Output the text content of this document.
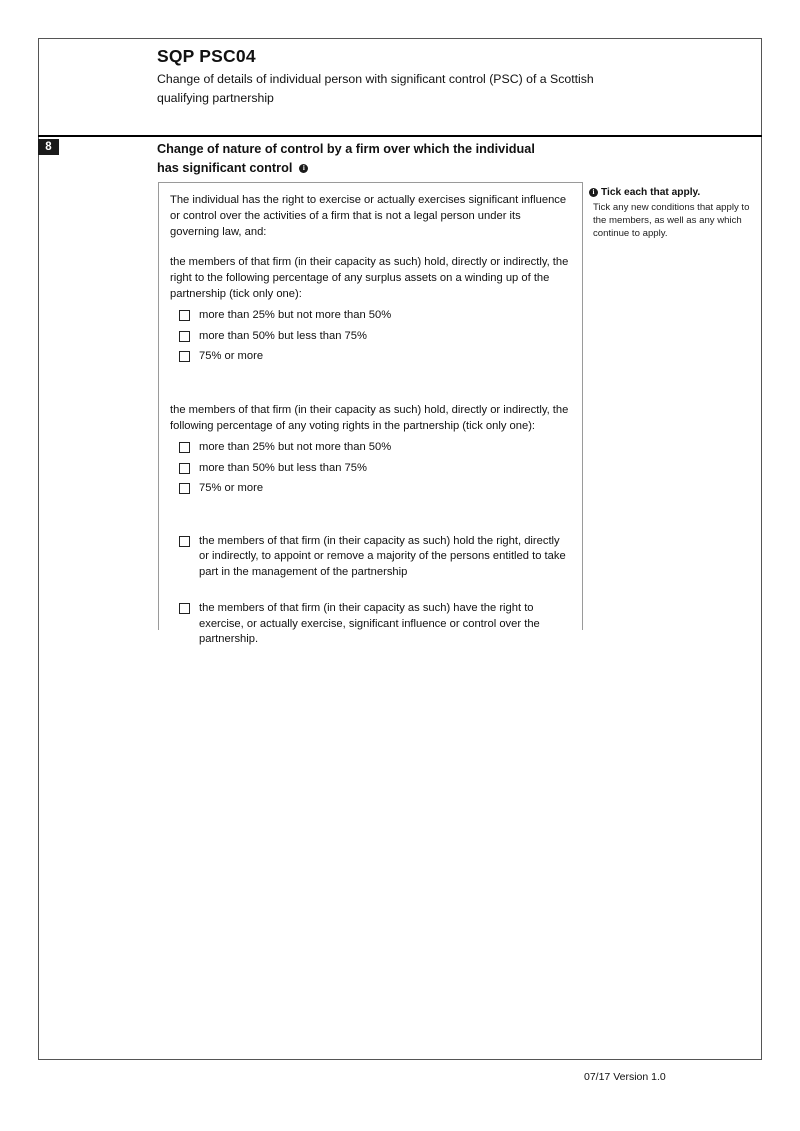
SQP PSC04
Change of details of individual person with significant control (PSC) of a Scottish qualifying partnership
8	Change of nature of control by a firm over which the individual has significant control i

The individual has the right to exercise or actually exercises significant influence or control over the activities of a firm that is not a legal person under its governing law, and:

the members of that firm (in their capacity as such) hold, directly or indirectly, the right to the following percentage of any surplus assets on a winding up of the partnership (tick only one):

more than 25% but not more than 50%
more than 50% but less than 75%
75% or more

the members of that firm (in their capacity as such) hold, directly or indirectly, the following percentage of any voting rights in the partnership (tick only one):

more than 25% but not more than 50%
more than 50% but less than 75%
75% or more
the members of that firm (in their capacity as such) hold the right, directly or indirectly, to appoint or remove a majority of the persons entitled to take part in the management of the partnership
the members of that firm (in their capacity as such) have the right to exercise, or actually exercise, significant influence or control over the partnership.

i Tick each that apply.

Tick any new conditions that apply to the members, as well as any which continue to apply.

07/17 Version 1.0
